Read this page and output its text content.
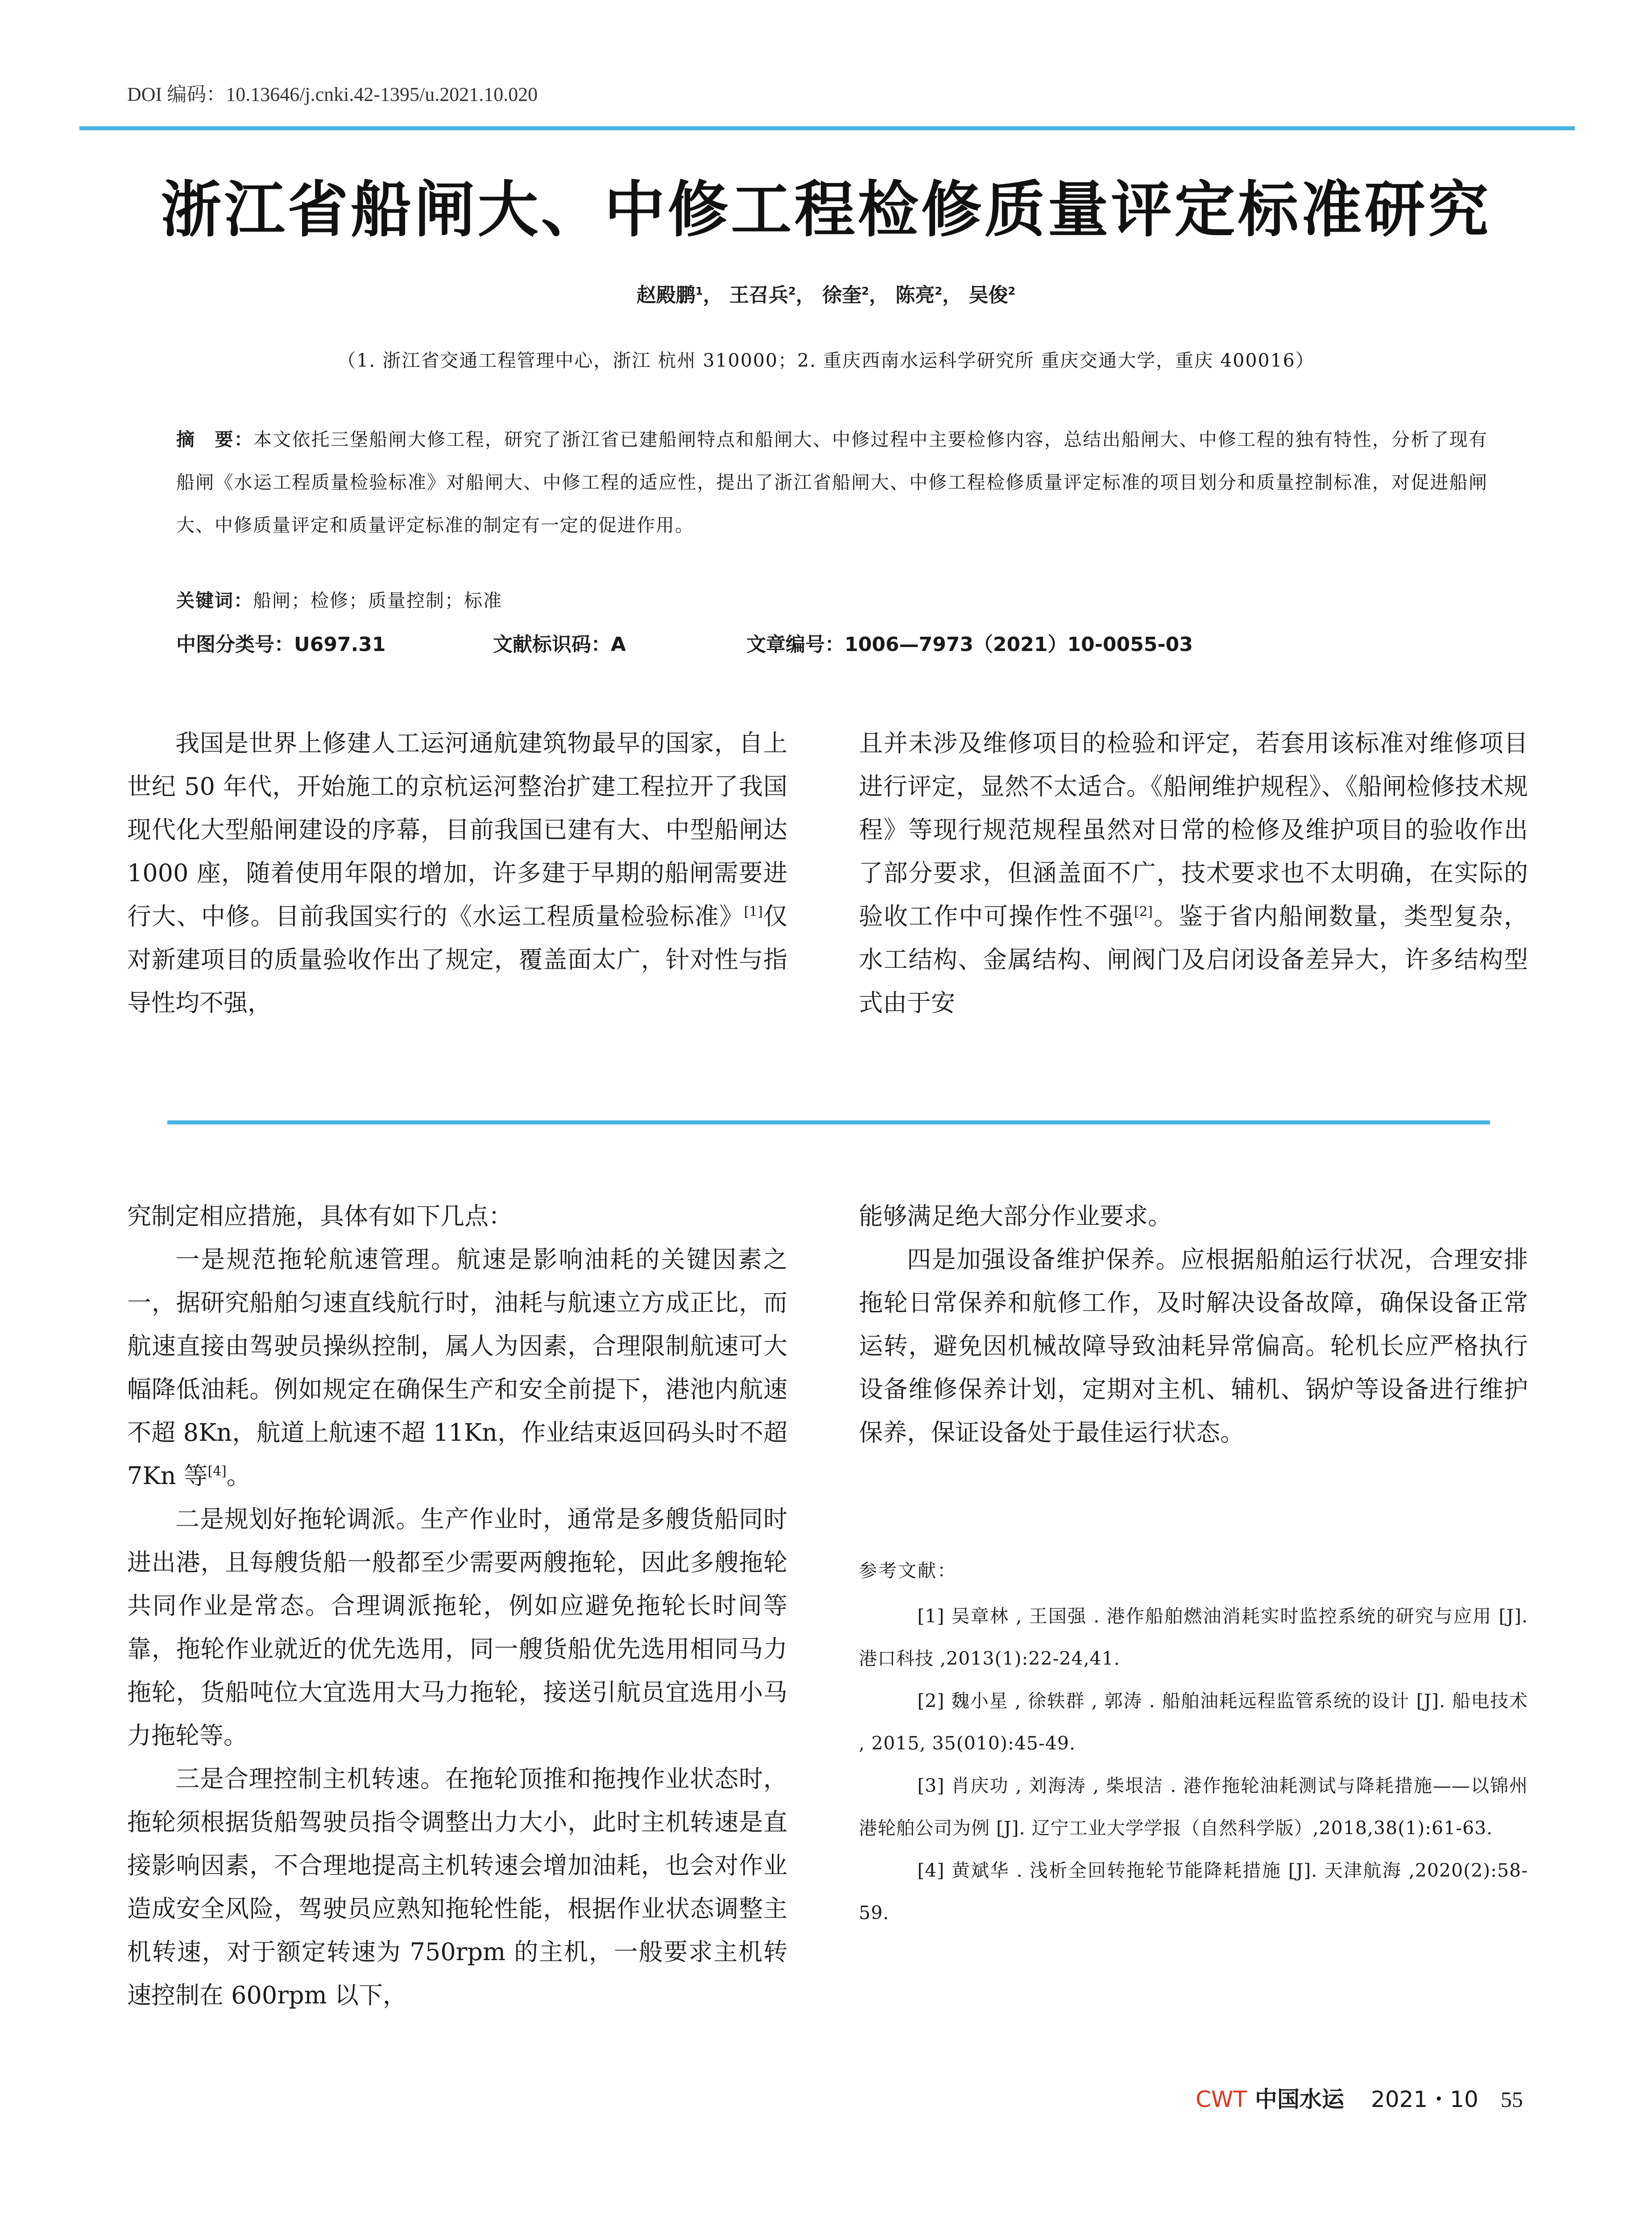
DOI 编码：10.13646/j.cnki.42-1395/u.2021.10.020
浙江省船闸大、中修工程检修质量评定标准研究
赵殿鹏$^1$， 王召兵$^2$， 徐奎$^2$， 陈亮$^2$， 吴俊$^2$
（1. 浙江省交通工程管理中心，浙江 杭州 310000；2. 重庆西南水运科学研究所 重庆交通大学，重庆 400016）
摘　要：本文依托三堡船闸大修工程，研究了浙江省已建船闸特点和船闸大、中修过程中主要检修内容，总结出船闸大、中修工程的独有特性，分析了现有船闸《水运工程质量检验标准》对船闸大、中修工程的适应性，提出了浙江省船闸大、中修工程检修质量评定标准的项目划分和质量控制标准，对促进船闸大、中修质量评定和质量评定标准的制定有一定的促进作用。
关键词：船闸；检修；质量控制；标准
中图分类号：U697.31	文献标识码：A	文章编号：1006—7973（2021）10-0055-03

我国是世界上修建人工运河通航建筑物最早的国家，自上世纪 50 年代，开始施工的京杭运河整治扩建工程拉开了我国现代化大型船闸建设的序幕，目前我国已建有大、中型船闸达 1000 座，随着使用年限的增加，许多建于早期的船闸需要进行大、中修。目前我国实行的《水运工程质量检验标准》[1]仅对新建项目的质量验收作出了规定，覆盖面太广，针对性与指导性均不强，

且并未涉及维修项目的检验和评定，若套用该标准对维修项目进行评定，显然不太适合。《船闸维护规程》、《船闸检修技术规程》等现行规范规程虽然对日常的检修及维护项目的验收作出了部分要求，但涵盖面不广，技术要求也不太明确，在实际的验收工作中可操作性不强[2]。鉴于省内船闸数量，类型复杂，水工结构、金属结构、闸阀门及启闭设备差异大，许多结构型式由于安

究制定相应措施，具体有如下几点：

一是规范拖轮航速管理。航速是影响油耗的关键因素之一，据研究船舶匀速直线航行时，油耗与航速立方成正比，而航速直接由驾驶员操纵控制，属人为因素，合理限制航速可大幅降低油耗。例如规定在确保生产和安全前提下，港池内航速不超 8Kn，航道上航速不超 11Kn，作业结束返回码头时不超 7Kn 等[4]。

二是规划好拖轮调派。生产作业时，通常是多艘货船同时进出港，且每艘货船一般都至少需要两艘拖轮，因此多艘拖轮共同作业是常态。合理调派拖轮，例如应避免拖轮长时间等靠，拖轮作业就近的优先选用，同一艘货船优先选用相同马力拖轮，货船吨位大宜选用大马力拖轮，接送引航员宜选用小马力拖轮等。

三是合理控制主机转速。在拖轮顶推和拖拽作业状态时，拖轮须根据货船驾驶员指令调整出力大小，此时主机转速是直接影响因素，不合理地提高主机转速会增加油耗，也会对作业造成安全风险，驾驶员应熟知拖轮性能，根据作业状态调整主机转速，对于额定转速为 750rpm 的主机，一般要求主机转速控制在 600rpm 以下，

能够满足绝大部分作业要求。

四是加强设备维护保养。应根据船舶运行状况，合理安排拖轮日常保养和航修工作，及时解决设备故障，确保设备正常运转，避免因机械故障导致油耗异常偏高。轮机长应严格执行设备维修保养计划，定期对主机、辅机、锅炉等设备进行维护保养，保证设备处于最佳运行状态。

参考文献：

[1] 吴章林 , 王国强 . 港作船舶燃油消耗实时监控系统的研究与应用 [J]. 港口科技 ,2013(1):22-24,41.

[2] 魏小星 , 徐轶群 , 郭涛 . 船舶油耗远程监管系统的设计 [J]. 船电技术 , 2015, 35(010):45-49.

[3] 肖庆功 , 刘海涛 , 柴垠洁 . 港作拖轮油耗测试与降耗措施——以锦州港轮舶公司为例 [J]. 辽宁工业大学学报（自然科学版）,2018,38(1):61-63.

[4] 黄斌华 . 浅析全回转拖轮节能降耗措施 [J]. 天津航海 ,2020(2):58-59.

CWT 中国水运 2021・10 55
